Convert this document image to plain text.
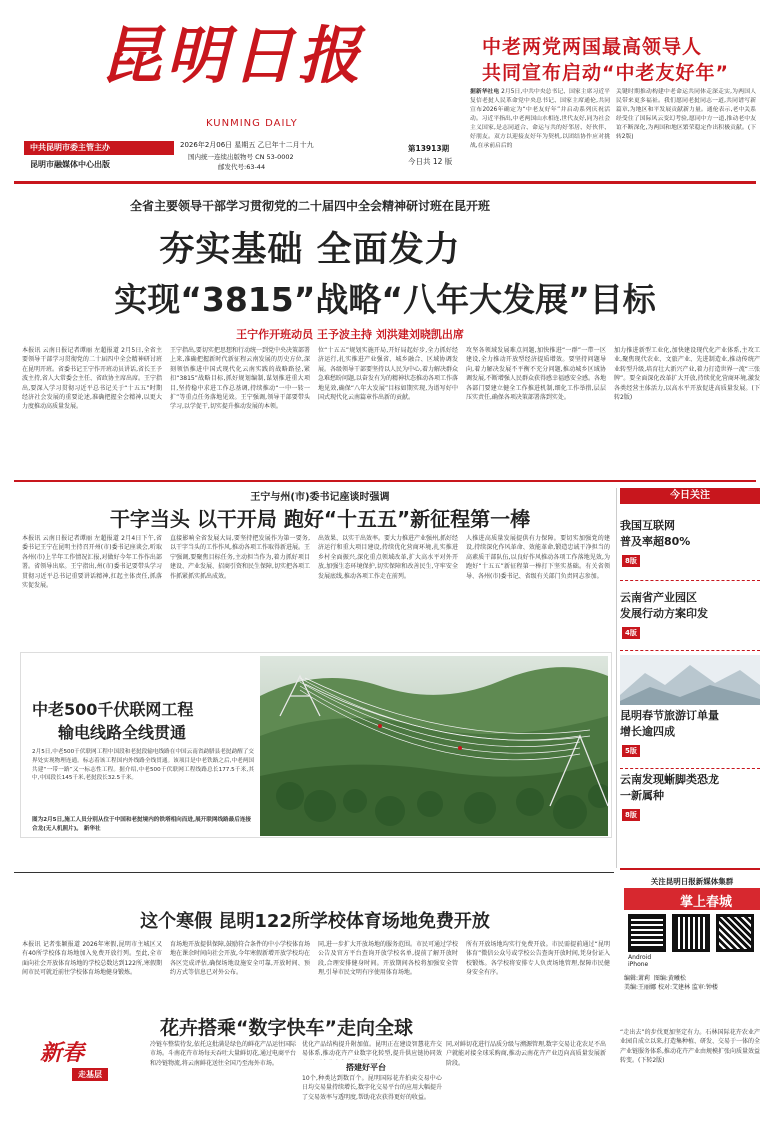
昆明日报
KUNMING DAILY
中共昆明市委主管主办
昆明市融媒体中心出版
2026年2月06日 星期五 乙巳年十二月十九
国内统一连续出版物号 CN 53-0002
邮发代号:63-44
第13913期
今日共 12 版
中老两党两国最高领导人
共同宣布启动“中老友好年”
据新华社电 2月5日,中共中央总书记、国家主席习近平复信老挝人民革命党中央总书记、国家主席通伦,共同宣布2026年确定为“中老友好年”并启动系列庆祝活动。习近平指出,中老两国山水相连,世代友好,同为社会主义国家,是志同道合、命运与共的好邻居、好伙伴、好朋友。双方以迎接友好年为契机,以团结协作应对挑战,在承前启后的
关键时期推动构建中老命运共同体走深走实,为两国人民带来更多福祉。我们愿同老挝同志一道,共同谱写新篇章,为地区和平发展贡献新力量。通伦表示,老中关系经受住了国际风云变幻考验,愿同中方一道,推动老中友谊不断深化,为两国和地区繁荣稳定作出积极贡献。(下转2版)
全省主要领导干部学习贯彻党的二十届四中全会精神研讨班在昆开班
夯实基础 全面发力
实现“3815”战略“八年大发展”目标
王宁作开班动员 王予波主持 刘洪建刘晓凯出席
本报讯 云南日报记者谭丽 左超报道 2月5日,全省主要领导干部学习贯彻党的二十届四中全会精神研讨班在昆明开班。省委书记王宁作开班动员讲话,省长王予波主持,省人大常委会主任、省政协主席出席。王宁指出,要深入学习贯彻习近平总书记关于“十五五”时期经济社会发展的重要论述,准确把握全会精神,以更大力度推动高质量发展。
王宁指出,要切实把思想和行动统一到党中央决策部署上来,准确把握新时代新征程云南发展的历史方位,深刻领悟推进中国式现代化云南实践的战略路径,紧扣“3815”战略目标,抓好规划编制,谋划推进重大项目,坚持稳中求进工作总基调,持续推动“一中一转一扩”等重点任务落地见效。王宁强调,领导干部要带头学习,以学促干,切实提升推动发展的本领。
位“十五五”规划实施开局,开好局起好步,全力抓好经济运行,扎实推进产业强省、城乡融合、区域协调发展。各级领导干部要坚持以人民为中心,着力解决群众急难愁盼问题,以奋发有为的精神状态推动各项工作落地见效,确保“八年大发展”目标如期实现,为谱写好中国式现代化云南篇章作出新的贡献。
攻坚各领域发展难点问题,加快推进“一群”一带一区建设,全力推动开放型经济提质增效。要坚持问题导向,着力解决发展不平衡不充分问题,推动城乡区域协调发展,不断增强人民群众获得感幸福感安全感。各地各部门要建立健全工作推进机制,细化工作举措,层层压实责任,确保各项决策部署落到实处。
加力推进新型工业化,加快建设现代化产业体系,主攻工业,聚焦现代农业、文旅产业、先进制造业,推动传统产业转型升级,培育壮大新兴产业,着力打造世界一流“三张牌”。要全面深化改革扩大开放,持续优化营商环境,激发各类经营主体活力,以高水平开放促进高质量发展。(下转2版)
王宁与州(市)委书记座谈时强调
干字当头 以干开局 跑好“十五五”新征程第一棒
本报讯 云南日报记者谭丽 左超报道 2月4日下午,省委书记王宁在昆明主持召开州(市)委书记座谈会,听取各州(市)上半年工作情况汇报,对做好今年工作作出部署。省领导出席。王宁指出,州(市)委书记要带头学习贯彻习近平总书记重要讲话精神,扛起主体责任,抓落实促发展。
直接影响全省发展大局,要坚持把发展作为第一要务,以干字当头的工作作风,推动各项工作取得新进展。王宁强调,要聚焦目标任务,主动担当作为,着力抓好项目建设、产业发展、招商引资和民生保障,切实把各项工作抓紧抓实抓出成效。
出效果、以实干出效率。要大力推进产业强州,抓好经济运行和重大项目建设,持续优化营商环境,扎实推进乡村全面振兴,深化重点领域改革,扩大高水平对外开放,加强生态环境保护,切实保障和改善民生,守牢安全发展底线,推动各项工作走在前列。
人推进高质量发展提供有力保障。要切实加强党的建设,持续深化作风革命、效能革命,锻造忠诚干净担当的高素质干部队伍,以良好作风推动各项工作落地见效,为跑好“十五五”新征程第一棒打下坚实基础。有关省领导、各州(市)委书记、省级有关部门负责同志参加。
中老500千伏联网工程
输电线路全线贯通
2月5日,中老500千伏联网工程中国段和老挝段输电线路在中国云南省勐腊县老挝勐醒了交界处实现物理连通。标志着该工程国内外线路全线贯通。该项目是中老铁路之后,中老两国共建“一带一路”又一标志性工程。据介绍,中老500千伏联网工程线路总长177.5千米,其中,中国段长145千米,老挝段长32.5千米。
图为2月5日,施工人员分别从位于中国和老挝境内的铁塔相向而进,展开联网线路最后连接合龙(无人机照片)。 新华社
今日关注
我国互联网
普及率超80%
8版
云南省产业园区
发展行动方案印发
4版
昆明春节旅游订单量
增长逾四成
5版
云南发现蜥脚类恐龙
一新属种
8版
关注昆明日报新媒体集群
掌上春城
Android
iPhone
编辑:萧莉 图编:黄曦松
美编:王丽娜 校对:艾建林 监审:钟楼
这个寒假 昆明122所学校体育场地免费开放
本报讯 记者张颖报道 2026年寒假,昆明市主城区又有40所学校体育场地加入免费开放行列。至此,全市面向社会开放体育场地的学校总数达到122所,寒假期间市民可就近前往学校体育场地健身锻炼。
育场地开放提供保障,鼓励符合条件的中小学校体育场地在课余时间向社会开放,今年寒假新增开放学校均在各区完成评估,确保场地设施安全可靠,开放时间、预约方式等信息已对外公布。
同,进一步扩大开放场地的服务范围。市民可通过学校公告及官方平台查询开放学校名单,提前了解开放时段,合理安排健身时间。开放期间各校将加强安全管理,引导市民文明有序使用体育场地。
所有开放场地均实行免费开放。市民需提前通过“昆明体育”微信公众号或学校公告查询开放时间,凭身份证入校锻炼。各学校将安排专人负责场地管理,保障市民健身安全有序。
新春
走基层
花卉搭乘“数字快车”走向全球
冷链车整装待发,依托这批满是绿色的鲜花产品运往国际市场。斗南花卉市场每天吞吐大量鲜切花,通过电商平台和冷链物流,将云南鲜花送往全国乃至海外市场。	搭建好平台
优化产品结构提升附加值。昆明正在建设智慧花卉交易体系,推动花卉产业数字化转型,提升供应链协同效
10个,种类达到数百个。昆明国际花卉拍卖交易中心日均交易量持续增长,数字化交易平台的应用大幅提升了交易效率与透明度,帮助花农获得更好的收益。
同,对鲜切花进行品质分级与溯源管理,数字交易让花农足不出户就能对接全球采购商,推动云南花卉产业迈向高质量发展新阶段。
“走出去”的步伐更加坚定有力。石林国际花卉农业产业园自成立以来,打造集种植、研发、交易于一体的全产业链服务体系,推动花卉产业由规模扩张向质量效益转变。(下转2版)
